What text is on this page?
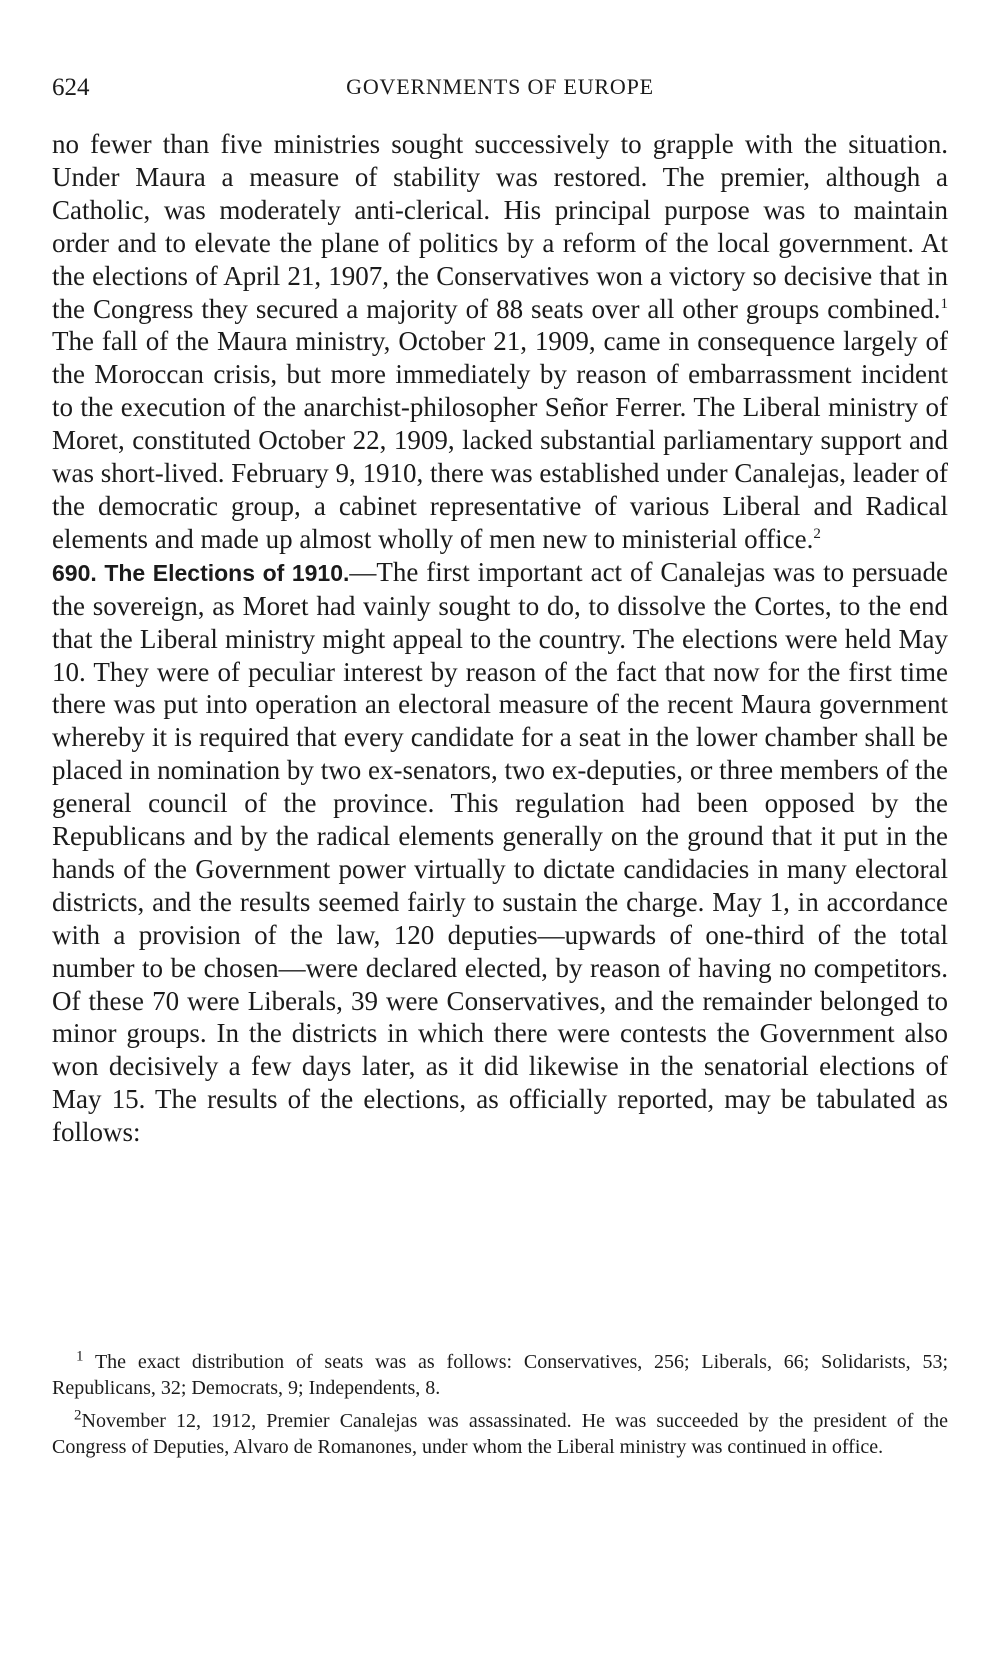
624	GOVERNMENTS OF EUROPE

no fewer than five ministries sought successively to grapple with the situation. Under Maura a measure of stability was restored. The premier, although a Catholic, was moderately anti-clerical. His principal purpose was to maintain order and to elevate the plane of politics by a reform of the local government. At the elections of April 21, 1907, the Conservatives won a victory so decisive that in the Congress they secured a majority of 88 seats over all other groups combined.$^1$ The fall of the Maura ministry, October 21, 1909, came in consequence largely of the Moroccan crisis, but more immediately by reason of embarrassment incident to the execution of the anarchist-philosopher Señor Ferrer. The Liberal ministry of Moret, constituted October 22, 1909, lacked substantial parliamentary support and was short-lived. February 9, 1910, there was established under Canalejas, leader of the democratic group, a cabinet representative of various Liberal and Radical elements and made up almost wholly of men new to ministerial office.$^2$

690. The Elections of 1910.—The first important act of Canalejas was to persuade the sovereign, as Moret had vainly sought to do, to dissolve the Cortes, to the end that the Liberal ministry might appeal to the country. The elections were held May 10. They were of peculiar interest by reason of the fact that now for the first time there was put into operation an electoral measure of the recent Maura government whereby it is required that every candidate for a seat in the lower chamber shall be placed in nomination by two ex-senators, two ex-deputies, or three members of the general council of the province. This regulation had been opposed by the Republicans and by the radical elements generally on the ground that it put in the hands of the Government power virtually to dictate candidacies in many electoral districts, and the results seemed fairly to sustain the charge. May 1, in accordance with a provision of the law, 120 deputies—upwards of one-third of the total number to be chosen—were declared elected, by reason of having no competitors. Of these 70 were Liberals, 39 were Conservatives, and the remainder belonged to minor groups. In the districts in which there were contests the Government also won decisively a few days later, as it did likewise in the senatorial elections of May 15. The results of the elections, as officially reported, may be tabulated as follows:

$^1$ The exact distribution of seats was as follows: Conservatives, 256; Liberals, 66; Solidarists, 53; Republicans, 32; Democrats, 9; Independents, 8.

$^2$November 12, 1912, Premier Canalejas was assassinated. He was succeeded by the president of the Congress of Deputies, Alvaro de Romanones, under whom the Liberal ministry was continued in office.
